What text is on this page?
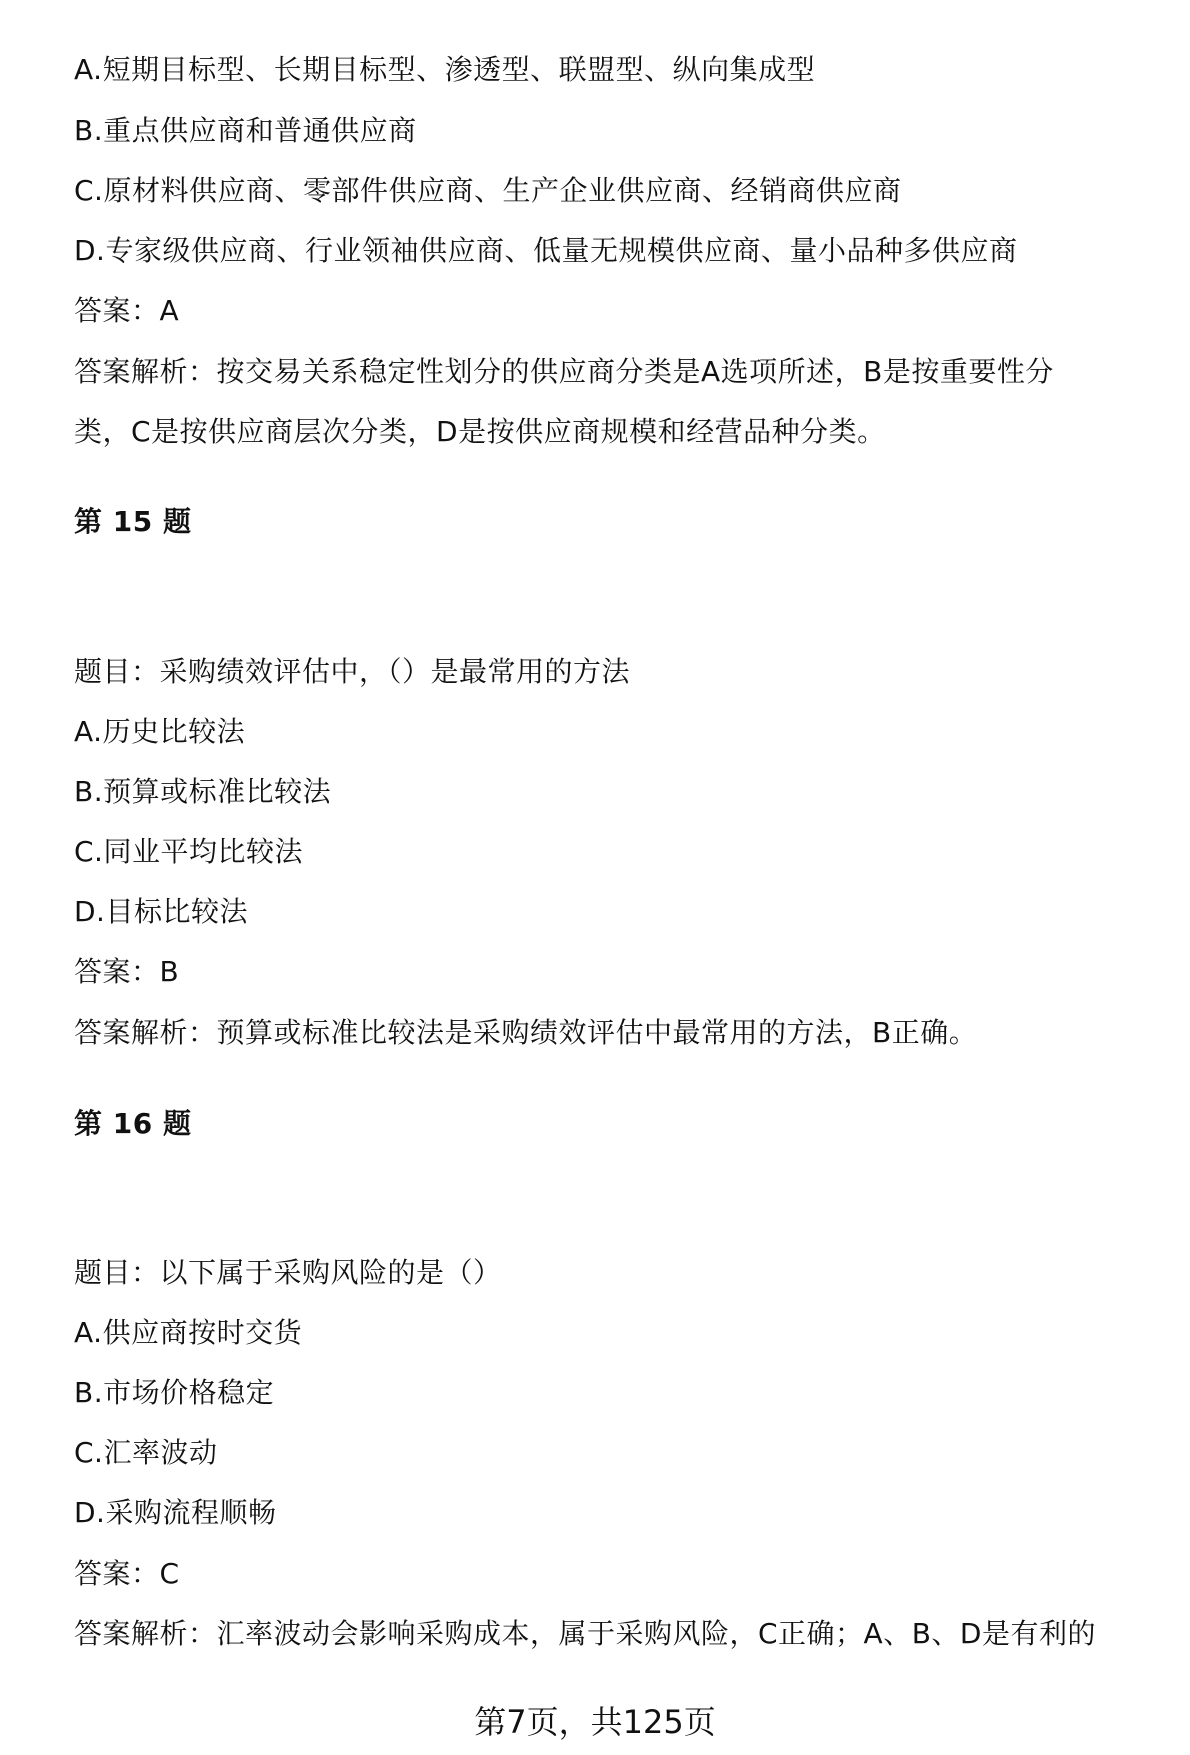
A.短期目标型、长期目标型、渗透型、联盟型、纵向集成型
B.重点供应商和普通供应商
C.原材料供应商、零部件供应商、生产企业供应商、经销商供应商
D.专家级供应商、行业领袖供应商、低量无规模供应商、量小品种多供应商
答案：A
答案解析：按交易关系稳定性划分的供应商分类是A选项所述，B是按重要性分
类，C是按供应商层次分类，D是按供应商规模和经营品种分类。
第 15 题
题目：采购绩效评估中，（）是最常用的方法
A.历史比较法
B.预算或标准比较法
C.同业平均比较法
D.目标比较法
答案：B
答案解析：预算或标准比较法是采购绩效评估中最常用的方法，B正确。
第 16 题
题目：以下属于采购风险的是（）
A.供应商按时交货
B.市场价格稳定
C.汇率波动
D.采购流程顺畅
答案：C
答案解析：汇率波动会影响采购成本，属于采购风险，C正确；A、B、D是有利的
第7页，共125页
